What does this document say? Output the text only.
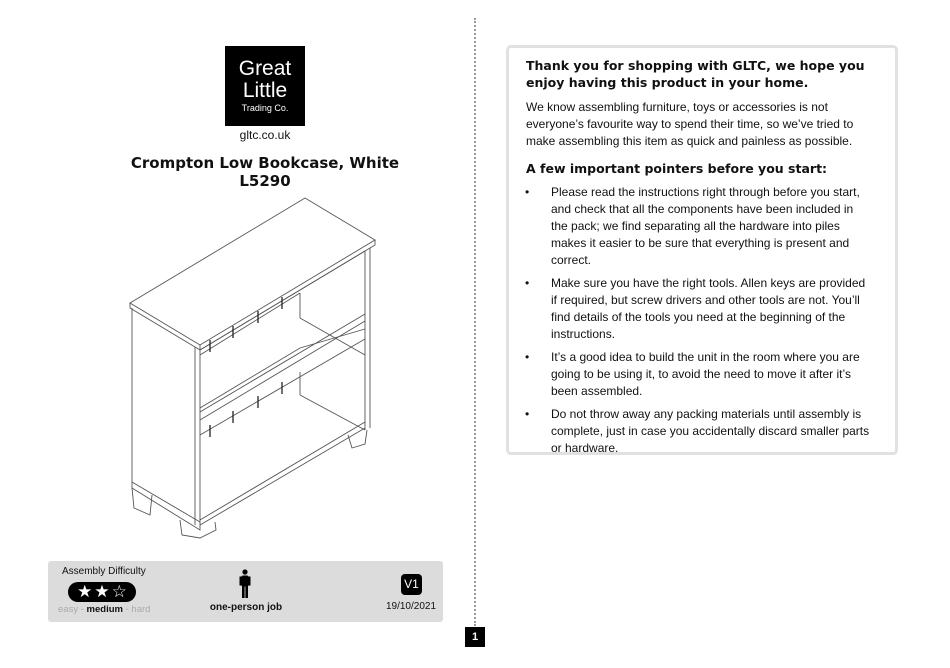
Great
Little
Trading Co.
gltc.co.uk
Crompton Low Bookcase, White
L5290
Assembly Difficulty
★ ★ ☆
easy - medium - hard	one-person job
V1
19/10/2021
1
Thank you for shopping with GLTC, we hope you enjoy having this product in your home.

We know assembling furniture, toys or accessories is not everyone’s favourite way to spend their time, so we’ve tried to make assembling this item as quick and painless as possible.

A few important pointers before you start:
• Please read the instructions right through before you start, and check that all the components have been included in the pack; we find separating all the hardware into piles makes it easier to be sure that everything is present and correct.
• Make sure you have the right tools. Allen keys are provided if required, but screw drivers and other tools are not. You’ll find details of the tools you need at the beginning of the instructions.
• It’s a good idea to build the unit in the room where you are going to be using it, to avoid the need to move it after it’s been assembled.
• Do not throw away any packing materials until assembly is complete, just in case you accidentally discard smaller parts or hardware.
